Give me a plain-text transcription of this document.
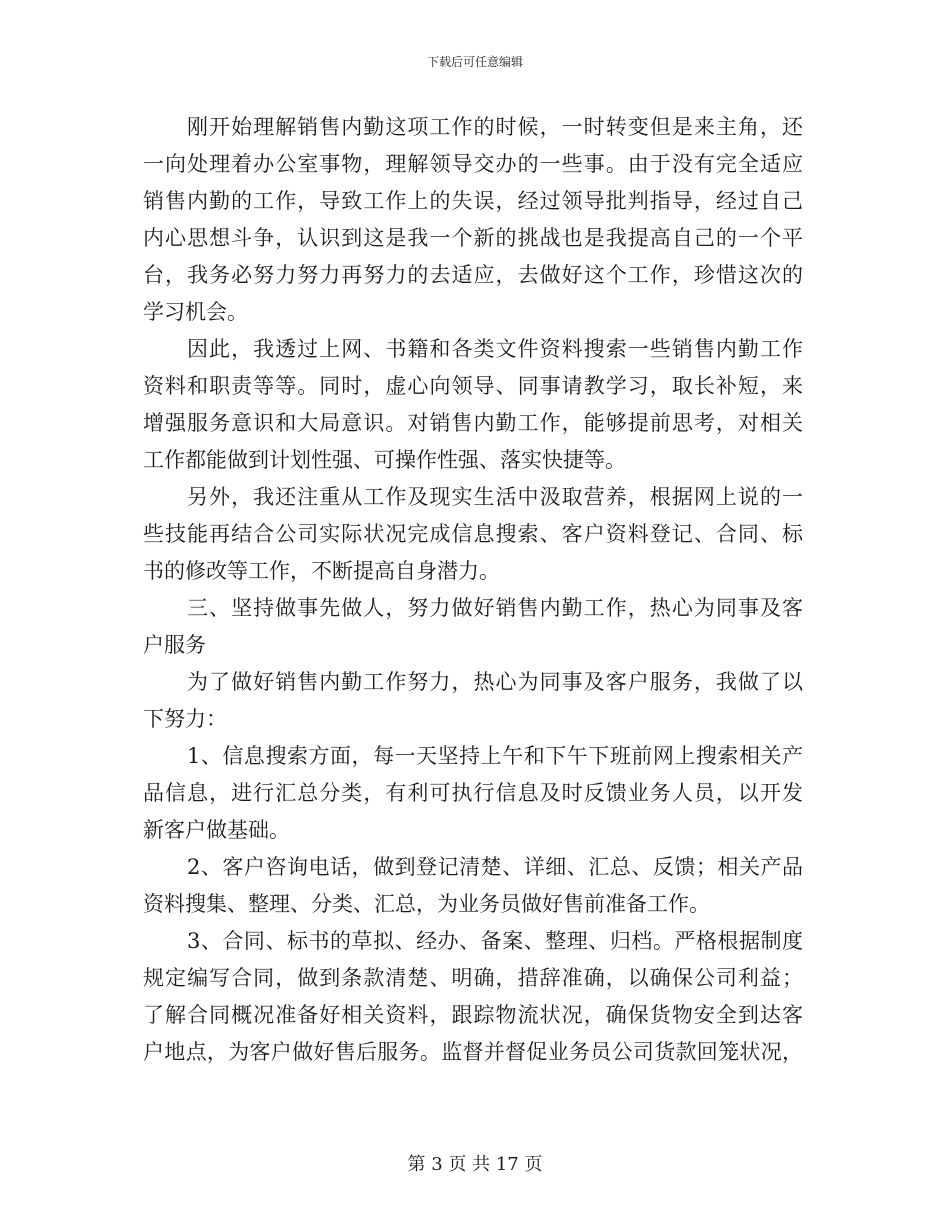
下载后可任意编辑
刚开始理解销售内勤这项工作的时候，一时转变但是来主角，还
一向处理着办公室事物，理解领导交办的一些事。由于没有完全适应
销售内勤的工作，导致工作上的失误，经过领导批判指导，经过自己
内心思想斗争，认识到这是我一个新的挑战也是我提高自己的一个平
台，我务必努力努力再努力的去适应，去做好这个工作，珍惜这次的
学习机会。
因此，我透过上网、书籍和各类文件资料搜索一些销售内勤工作
资料和职责等等。同时，虚心向领导、同事请教学习，取长补短，来
增强服务意识和大局意识。对销售内勤工作，能够提前思考，对相关
工作都能做到计划性强、可操作性强、落实快捷等。
另外，我还注重从工作及现实生活中汲取营养，根据网上说的一
些技能再结合公司实际状况完成信息搜索、客户资料登记、合同、标
书的修改等工作，不断提高自身潜力。
三、坚持做事先做人，努力做好销售内勤工作，热心为同事及客
户服务
为了做好销售内勤工作努力，热心为同事及客户服务，我做了以
下努力：
1、信息搜索方面，每一天坚持上午和下午下班前网上搜索相关产
品信息，进行汇总分类，有利可执行信息及时反馈业务人员，以开发
新客户做基础。
2、客户咨询电话，做到登记清楚、详细、汇总、反馈；相关产品
资料搜集、整理、分类、汇总，为业务员做好售前准备工作。
3、合同、标书的草拟、经办、备案、整理、归档。严格根据制度
规定编写合同，做到条款清楚、明确，措辞准确，以确保公司利益；
了解合同概况准备好相关资料，跟踪物流状况，确保货物安全到达客
户地点，为客户做好售后服务。监督并督促业务员公司货款回笼状况，
第 3 页 共 17 页
